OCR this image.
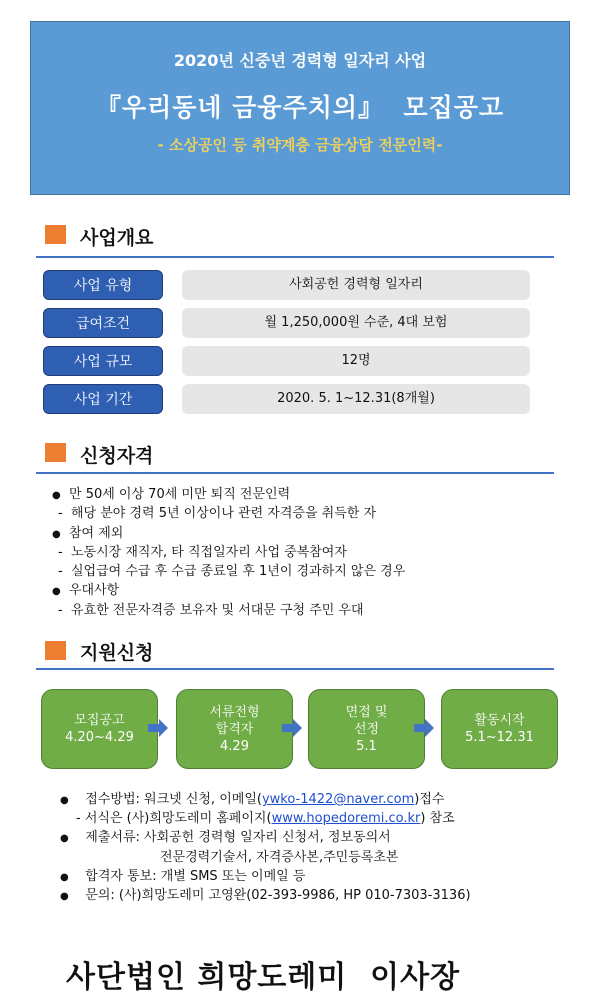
2020년 신중년 경력형 일자리 사업
『우리동네 금융주치의』  모집공고
- 소상공인 등 취약계층 금융상담 전문인력-
사업개요
사업 유형	사회공헌 경력형 일자리
급여조건	월 1,250,000원 수준, 4대 보험
사업 규모	12명
사업 기간	2020. 5. 1~12.31(8개월)
신청자격
● 만 50세 이상 70세 미만 퇴직 전문인력
- 해당 분야 경력 5년 이상이나 관련 자격증을 취득한 자
● 참여 제외
- 노동시장 재직자, 타 직접일자리 사업 중복참여자
- 실업급여 수급 후 수급 종료일 후 1년이 경과하지 않은 경우
● 우대사항
- 유효한 전문자격증 보유자 및 서대문 구청 주민 우대
지원신청
모집공고
4.20~4.29
서류전형
합격자
4.29
면접 및
선정
5.1
활동시작
5.1~12.31
● 접수방법: 워크넷 신청, 이메일(ywko-1422@naver.com)접수
- 서식은 (사)희망도레미 홈페이지(www.hopedoremi.co.kr) 참조
● 제출서류: 사회공헌 경력형 일자리 신청서, 정보동의서
전문경력기술서, 자격증사본,주민등록초본
● 합격자 통보: 개별 SMS 또는 이메일 등
● 문의: (사)희망도레미 고영완(02-393-9986, HP 010-7303-3136)
사단법인 희망도레미  이사장
